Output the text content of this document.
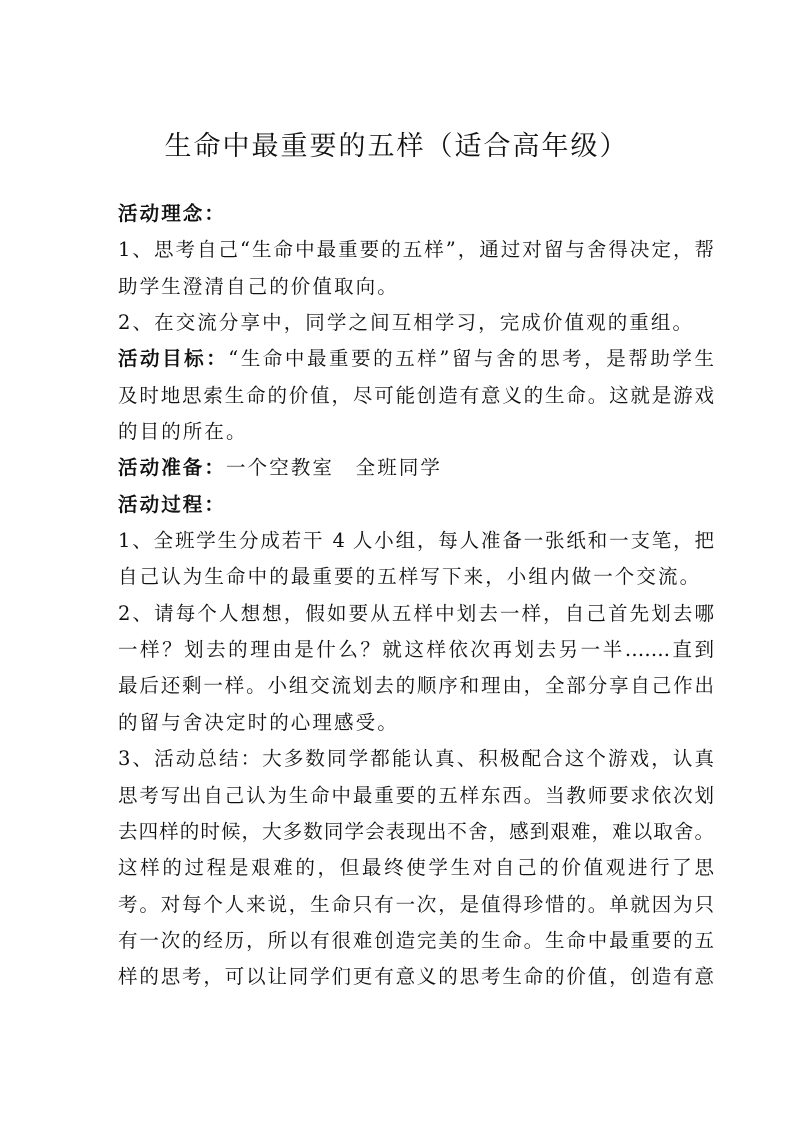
生命中最重要的五样（适合高年级）
活动理念：
1、思考自己“生命中最重要的五样”，通过对留与舍得决定，帮
助学生澄清自己的价值取向。
2、在交流分享中，同学之间互相学习，完成价值观的重组。
活动目标：“生命中最重要的五样”留与舍的思考，是帮助学生
及时地思索生命的价值，尽可能创造有意义的生命。这就是游戏
的目的所在。
活动准备：一个空教室　全班同学
活动过程：
1、全班学生分成若干 4 人小组，每人准备一张纸和一支笔，把
自己认为生命中的最重要的五样写下来，小组内做一个交流。
2、请每个人想想，假如要从五样中划去一样，自己首先划去哪
一样？划去的理由是什么？就这样依次再划去另一半…….直到
最后还剩一样。小组交流划去的顺序和理由，全部分享自己作出
的留与舍决定时的心理感受。
3、活动总结：大多数同学都能认真、积极配合这个游戏，认真
思考写出自己认为生命中最重要的五样东西。当教师要求依次划
去四样的时候，大多数同学会表现出不舍，感到艰难，难以取舍。
这样的过程是艰难的，但最终使学生对自己的价值观进行了思
考。对每个人来说，生命只有一次，是值得珍惜的。单就因为只
有一次的经历，所以有很难创造完美的生命。生命中最重要的五
样的思考，可以让同学们更有意义的思考生命的价值，创造有意
